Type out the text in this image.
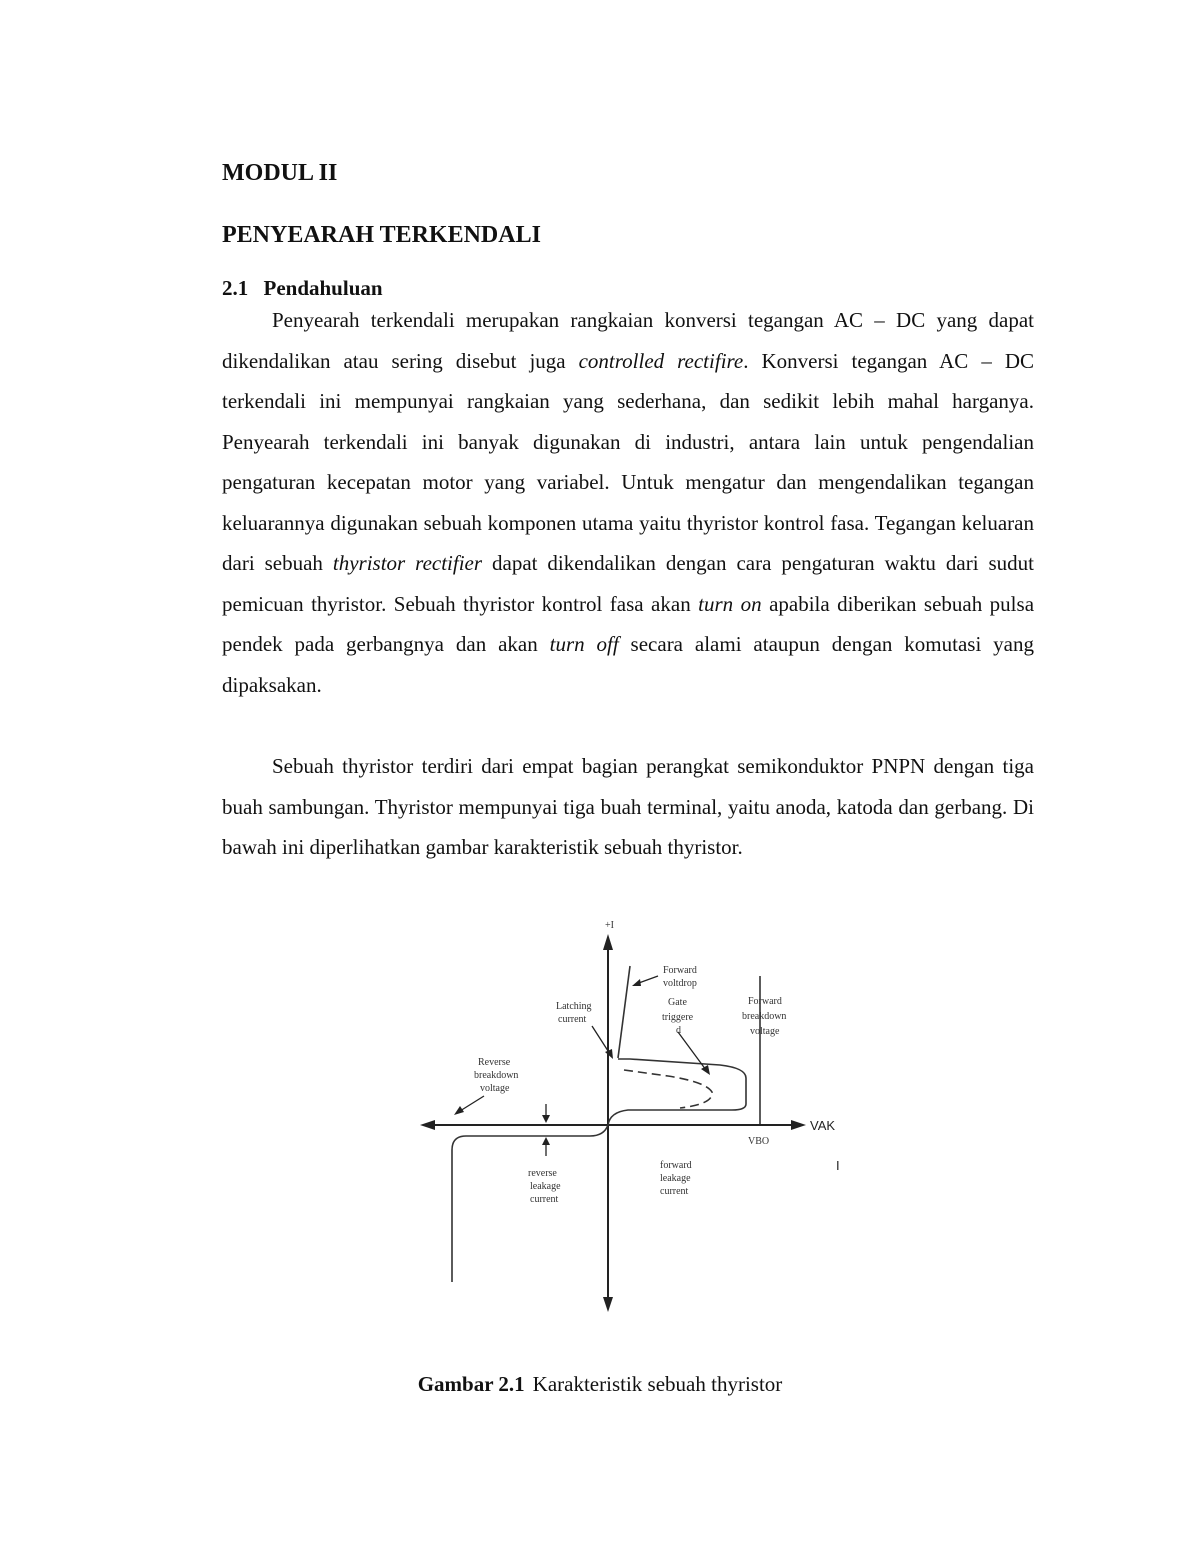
MODUL II
PENYEARAH TERKENDALI
2.1 Pendahuluan

Penyearah terkendali merupakan rangkaian konversi tegangan AC – DC yang dapat dikendalikan atau sering disebut juga controlled rectifire. Konversi tegangan AC – DC terkendali ini mempunyai rangkaian yang sederhana, dan sedikit lebih mahal harganya. Penyearah terkendali ini banyak digunakan di industri, antara lain untuk pengendalian pengaturan kecepatan motor yang variabel. Untuk mengatur dan mengendalikan tegangan keluarannya digunakan sebuah komponen utama yaitu thyristor kontrol fasa. Tegangan keluaran dari sebuah thyristor rectifier dapat dikendalikan dengan cara pengaturan waktu dari sudut pemicuan thyristor. Sebuah thyristor kontrol fasa akan turn on apabila diberikan sebuah pulsa pendek pada gerbangnya dan akan turn off secara alami ataupun dengan komutasi yang dipaksakan.

Sebuah thyristor terdiri dari empat bagian perangkat semikonduktor PNPN dengan tiga buah sambungan. Thyristor mempunyai tiga buah terminal, yaitu anoda, katoda dan gerbang. Di bawah ini diperlihatkan gambar karakteristik sebuah thyristor.

+I
VAK
VBO
Forward
voltdrop
Latching
current
Gate
triggere
d
Forward
breakdown
voltage
Reverse
breakdown
voltage
reverse
leakage
current
forward
leakage
current
I
Gambar 2.1 Karakteristik sebuah thyristor
